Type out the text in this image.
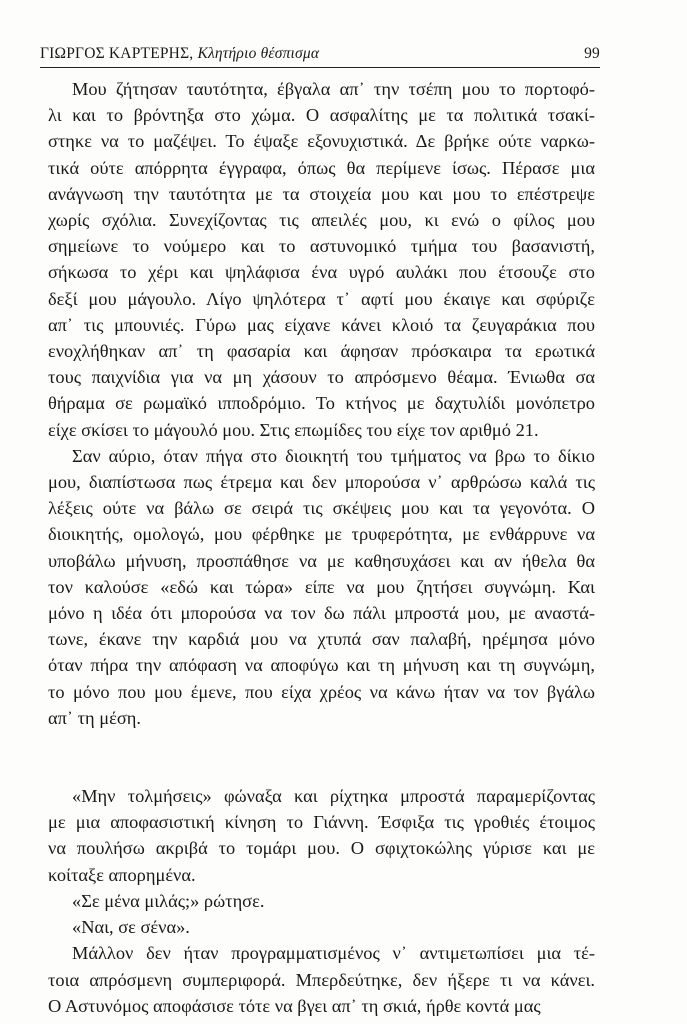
ΓΙΩΡΓΟΣ ΚΑΡΤΕΡΗΣ, Κλητήριο θέσπισμα	99
Μου ζήτησαν ταυτότητα, έβγαλα απ᾿ την τσέπη μου το πορτοφό-
λι και το βρόντηξα στο χώμα. Ο ασφαλίτης με τα πολιτικά τσακί-
στηκε να το μαζέψει. Το έψαξε εξονυχιστικά. Δε βρήκε ούτε ναρκω-
τικά ούτε απόρρητα έγγραφα, όπως θα περίμενε ίσως. Πέρασε μια
ανάγνωση την ταυτότητα με τα στοιχεία μου και μου το επέστρεψε
χωρίς σχόλια. Συνεχίζοντας τις απειλές μου, κι ενώ ο φίλος μου
σημείωνε το νούμερο και το αστυνομικό τμήμα του βασανιστή,
σήκωσα το χέρι και ψηλάφισα ένα υγρό αυλάκι που έτσουζε στο
δεξί μου μάγουλο. Λίγο ψηλότερα τ᾿ αφτί μου έκαιγε και σφύριζε
απ᾿ τις μπουνιές. Γύρω μας είχανε κάνει κλοιό τα ζευγαράκια που
ενοχλήθηκαν απ᾿ τη φασαρία και άφησαν πρόσκαιρα τα ερωτικά
τους παιχνίδια για να μη χάσουν το απρόσμενο θέαμα. Ένιωθα σα
θήραμα σε ρωμαϊκό ιπποδρόμιο. Το κτήνος με δαχτυλίδι μονόπετρο
είχε σκίσει το μάγουλό μου. Στις επωμίδες του είχε τον αριθμό 21.
Σαν αύριο, όταν πήγα στο διοικητή του τμήματος να βρω το δίκιο
μου, διαπίστωσα πως έτρεμα και δεν μπορούσα ν᾿ αρθρώσω καλά τις
λέξεις ούτε να βάλω σε σειρά τις σκέψεις μου και τα γεγονότα. Ο
διοικητής, ομολογώ, μου φέρθηκε με τρυφερότητα, με ενθάρρυνε να
υποβάλω μήνυση, προσπάθησε να με καθησυχάσει και αν ήθελα θα
τον καλούσε «εδώ και τώρα» είπε να μου ζητήσει συγνώμη. Και
μόνο η ιδέα ότι μπορούσα να τον δω πάλι μπροστά μου, με αναστά-
τωνε, έκανε την καρδιά μου να χτυπά σαν παλαβή, ηρέμησα μόνο
όταν πήρα την απόφαση να αποφύγω και τη μήνυση και τη συγνώμη,
το μόνο που μου έμενε, που είχα χρέος να κάνω ήταν να τον βγάλω
απ᾿ τη μέση.
«Μην τολμήσεις» φώναξα και ρίχτηκα μπροστά παραμερίζοντας
με μια αποφασιστική κίνηση το Γιάννη. Έσφιξα τις γροθιές έτοιμος
να πουλήσω ακριβά το τομάρι μου. Ο σφιχτοκώλης γύρισε και με
κοίταξε απορημένα.
«Σε μένα μιλάς;» ρώτησε.
«Ναι, σε σένα».
Μάλλον δεν ήταν προγραμματισμένος ν᾿ αντιμετωπίσει μια τέ-
τοια απρόσμενη συμπεριφορά. Μπερδεύτηκε, δεν ήξερε τι να κάνει.
Ο Αστυνόμος αποφάσισε τότε να βγει απ᾿ τη σκιά, ήρθε κοντά μας
